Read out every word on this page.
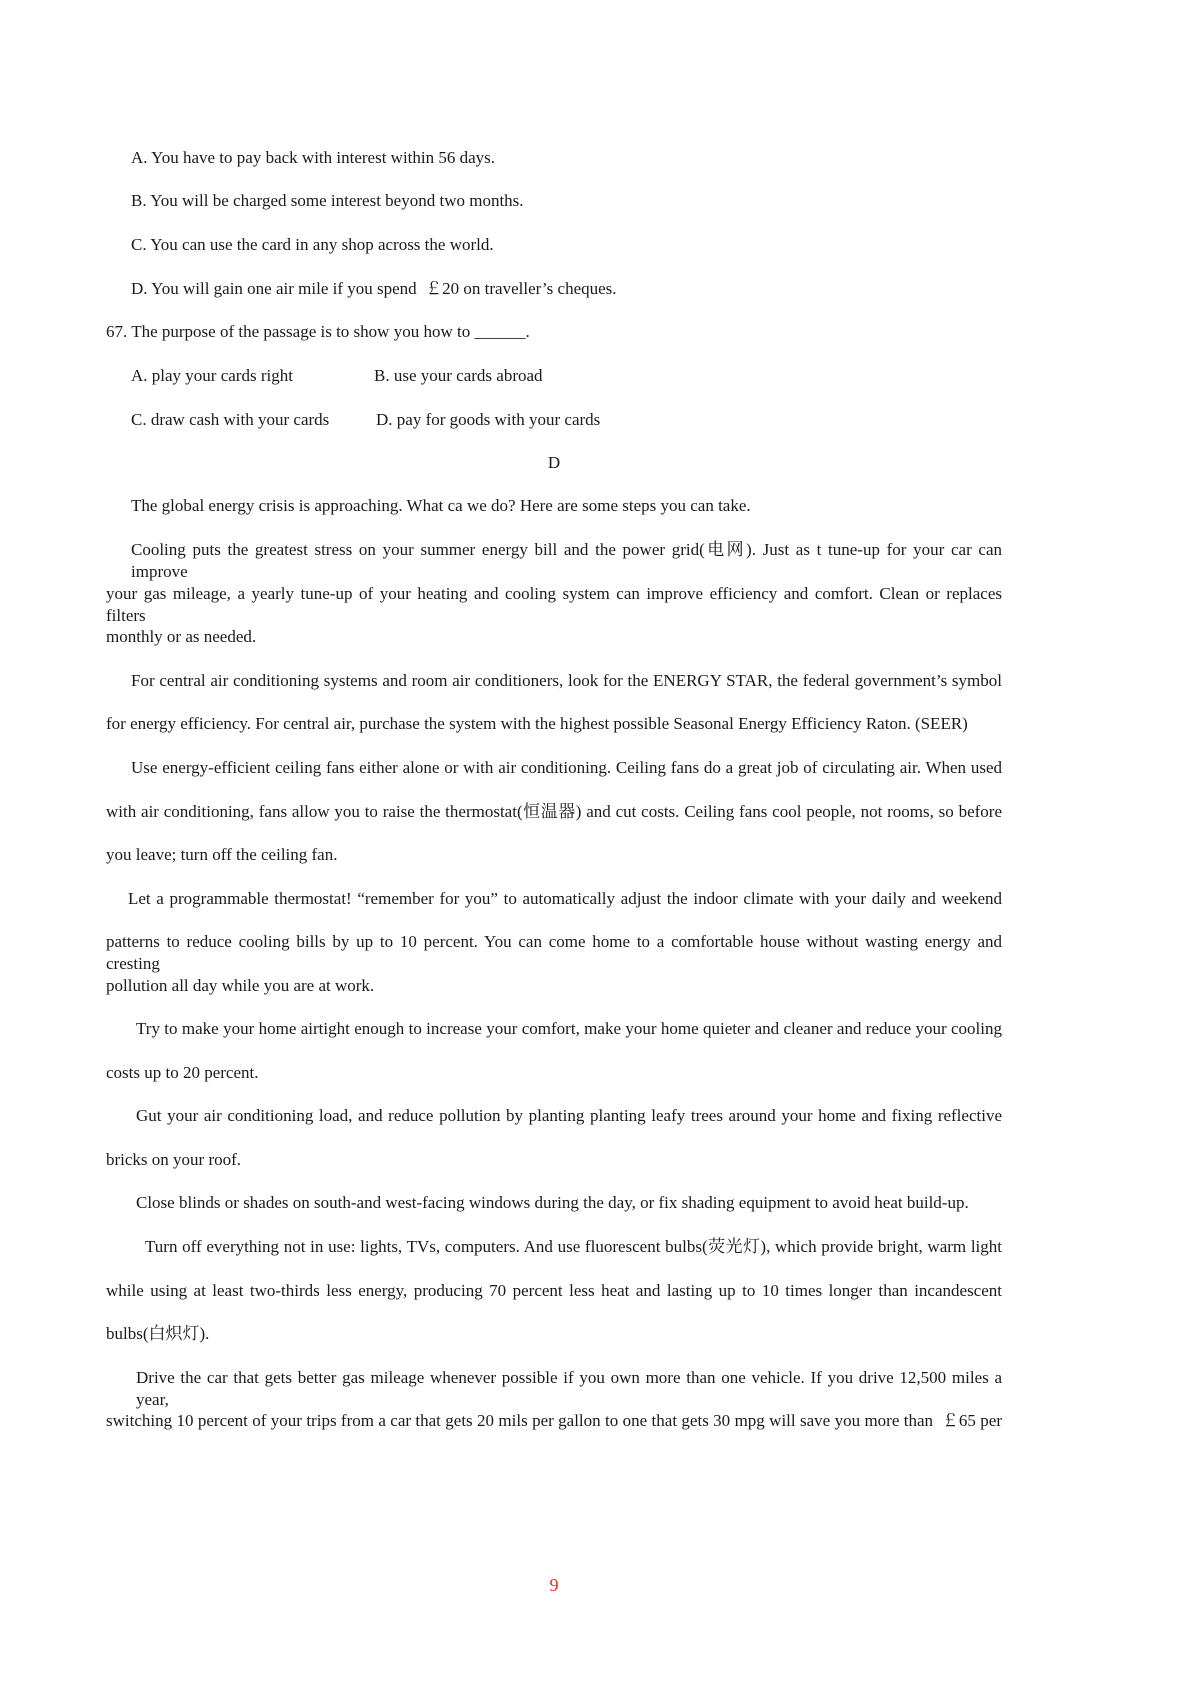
A. You have to pay back with interest within 56 days.
B. You will be charged some interest beyond two months.
C. You can use the card in any shop across the world.
D. You will gain one air mile if you spend  ￡20 on traveller’s cheques.
67. The purpose of the passage is to show you how to ______.
A. play your cards right	B. use your cards abroad
C. draw cash with your cards	D. pay for goods with your cards
D
The global energy crisis is approaching. What ca we do? Here are some steps you can take.
Cooling puts the greatest stress on your summer energy bill and the power grid(电网). Just as t tune-up for your car can improve
your gas mileage, a yearly tune-up of your heating and cooling system can improve efficiency and comfort. Clean or replaces filters
monthly or as needed.
For central air conditioning systems and room air conditioners, look for the ENERGY STAR, the federal government’s symbol
for energy efficiency. For central air, purchase the system with the highest possible Seasonal Energy Efficiency Raton. (SEER)
Use energy-efficient ceiling fans either alone or with air conditioning. Ceiling fans do a great job of circulating air. When used
with air conditioning, fans allow you to raise the thermostat(恒温器) and cut costs. Ceiling fans cool people, not rooms, so before
you leave; turn off the ceiling fan.
Let a programmable thermostat! “remember for you” to automatically adjust the indoor climate with your daily and weekend
patterns to reduce cooling bills by up to 10 percent. You can come home to a comfortable house without wasting energy and cresting
pollution all day while you are at work.
Try to make your home airtight enough to increase your comfort, make your home quieter and cleaner and reduce your cooling
costs up to 20 percent.
Gut your air conditioning load, and reduce pollution by planting planting leafy trees around your home and fixing reflective
bricks on your roof.
Close blinds or shades on south-and west-facing windows during the day, or fix shading equipment to avoid heat build-up.
Turn off everything not in use: lights, TVs, computers. And use fluorescent bulbs(荧光灯), which provide bright, warm light
while using at least two-thirds less energy, producing 70 percent less heat and lasting up to 10 times longer than incandescent
bulbs(白炽灯).
Drive the car that gets better gas mileage whenever possible if you own more than one vehicle. If you drive 12,500 miles a year,
switching 10 percent of your trips from a car that gets 20 mils per gallon to one that gets 30 mpg will save you more than  ￡65 per
9
